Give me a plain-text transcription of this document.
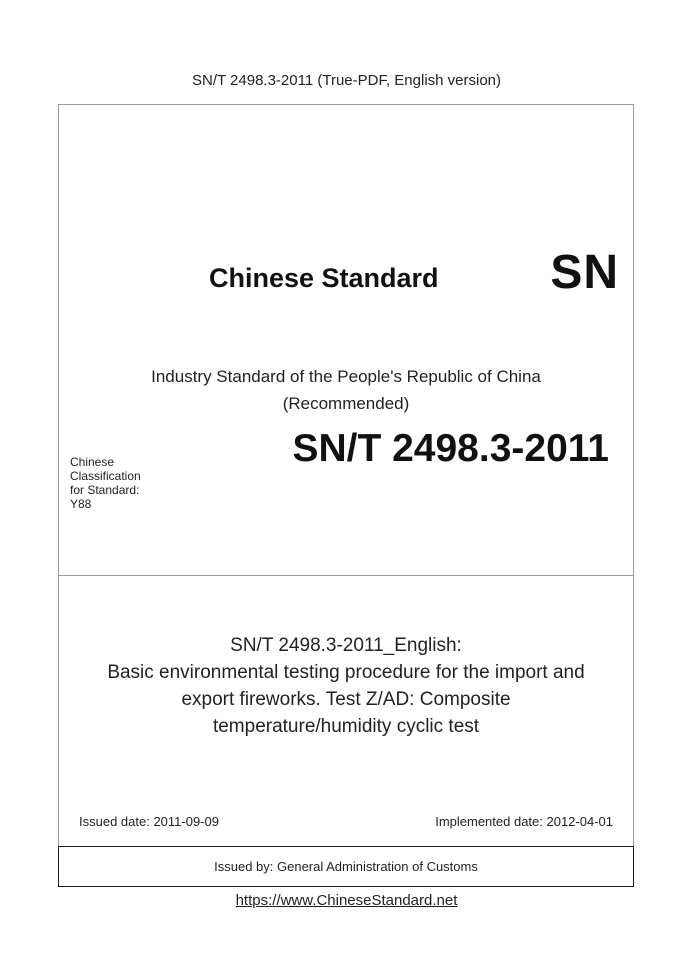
SN/T 2498.3-2011 (True-PDF, English version)
Chinese Standard SN
Industry Standard of the People's Republic of China
(Recommended)
Chinese Classification for Standard: Y88
SN/T 2498.3-2011
SN/T 2498.3-2011_English:
Basic environmental testing procedure for the import and
export fireworks. Test Z/AD: Composite
temperature/humidity cyclic test
Issued date: 2011-09-09	Implemented date: 2012-04-01
Issued by: General Administration of Customs
https://www.ChineseStandard.net
